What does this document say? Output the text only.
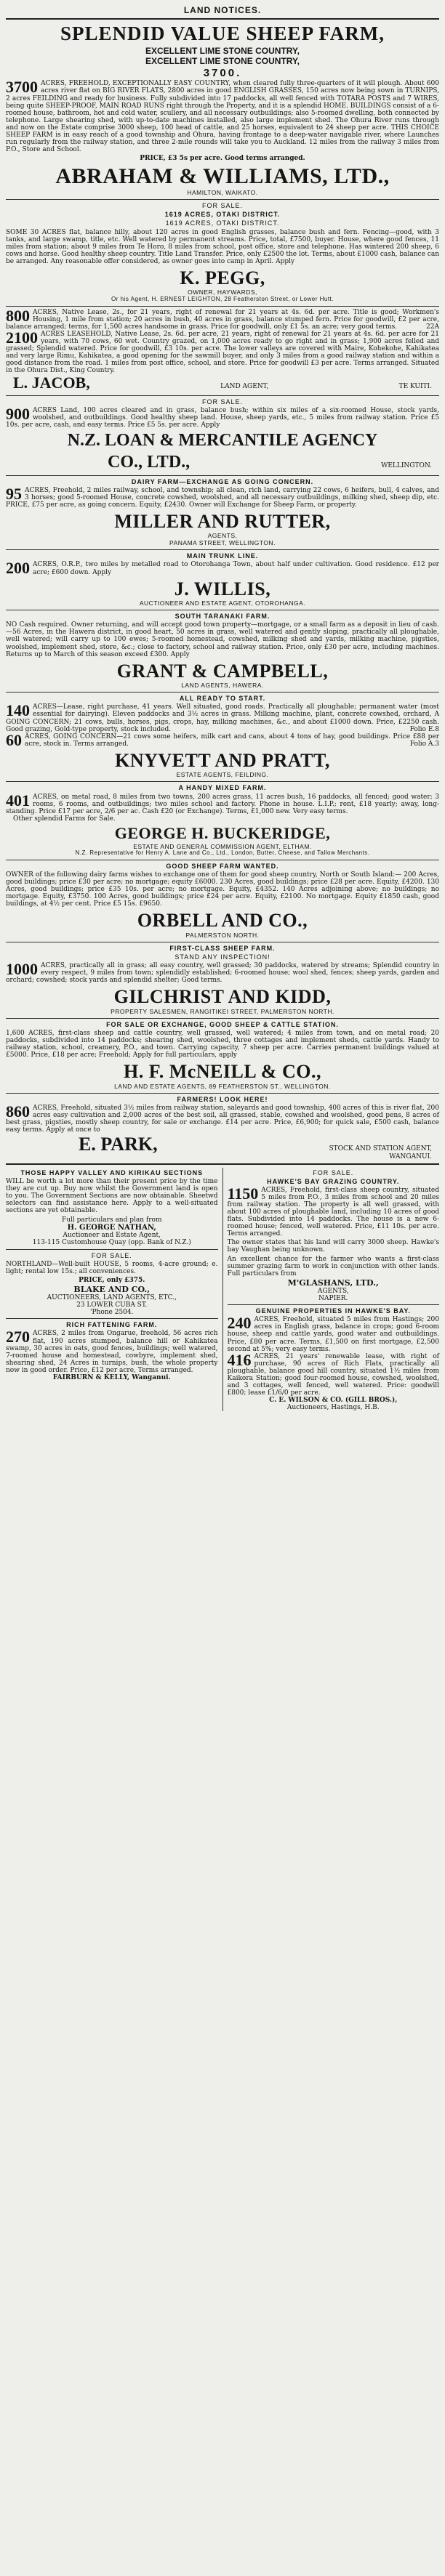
LAND NOTICES.
SPLENDID VALUE SHEEP FARM,
EXCELLENT LIME STONE COUNTRY,
EXCELLENT LIME STONE COUNTRY,
3700.
3700 ACRES, FREEHOLD, EXCEPTIONALLY EASY COUNTRY, when cleared fully three-quarters of it will plough. About 600 acres river flat on BIG RIVER FLATS, 2800 acres in good ENGLISH GRASSES, 150 acres now being sown in TURNIPS, 2 acres FEILDING and ready for business. Fully subdivided into 17 paddocks, all well fenced with TOTARA POSTS and 7 WIRES, being quite SHEEP-PROOF, MAIN ROAD RUNS right through the Property, and it is a splendid HOME. BUILDINGS consist of a 6-roomed house, bathroom, hot and cold water, scullery, and all necessary outbuildings; also 5-roomed dwelling, both connected by telephone. Large shearing shed, with up-to-date machines installed, also large implement shed. The Ohura River runs through and now on the Estate comprise 3000 sheep, 100 head of cattle, and 25 horses, equivalent to 24 sheep per acre. THIS CHOICE SHEEP FARM is in easy reach of a good township and Ohura, having frontage to a deep-water navigable river, where Launches run regularly from the railway station, and three 2-mile rounds will take you to Auckland. 12 miles from the railway 3 miles from P.O., Store and School.
PRICE, £3 5s per acre. Good terms arranged.
ABRAHAM & WILLIAMS, LTD.,
HAMILTON, WAIKATO.
FOR SALE.
1619 ACRES, OTAKI DISTRICT.
1619 ACRES, OTAKI DISTRICT.
SOME 30 ACRES flat, balance hilly, about 120 acres in good English grasses, balance bush and fern. Fencing—good, with 3 tanks, and large swamp, title, etc. Well watered by permanent streams. Price, total, £7500, buyer. House, where good fences, 11 miles from station; about 9 miles from Te Horo, 8 miles from school, post office, store and telephone. Has wintered 200 sheep, 6 cows and horse. Good healthy sheep country. Title Land Transfer. Price, only £2500 the lot. Terms, about £1000 cash, balance can be arranged. Any reasonable offer considered, as owner goes into camp in April. Apply
K. PEGG,
OWNER, HAYWARDS,
Or his Agent, H. ERNEST LEIGHTON, 28 Featherston Street, or Lower Hutt.
800 ACRES, Native Lease, 2s., for 21 years, right of renewal for 21 years at 4s. 6d. per acre. Title is good; Workmen's Housing, 1 mile from station; 20 acres in bush, 40 acres in grass, balance stumped fern. Price for goodwill, £2 per acre, balance arranged; terms, for 1,500 acres handsome in grass. Price for goodwill, only £1 5s. an acre; very good terms.	22A
2100 ACRES LEASEHOLD, Native Lease, 2s. 6d. per acre, 21 years, right of renewal for 21 years at 4s. 6d. per acre for 21 years, with 70 cows, 60 wet. Country grazed, on 1,000 acres ready to go right and in grass; 1,900 acres felled and grassed; Splendid watered. Price for goodwill, £3 10s. per acre. The lower valleys are covered with Maire, Kohekohe, Kahikatea and very large Rimu, Kahikatea, a good opening for the sawmill buyer, and only 3 miles from a good railway station and within a good distance from the road. 1 miles from post office, school, and store. Price for goodwill £3 per acre. Terms arranged. Situated in the Ohura Dist., King Country.
L. JACOB,	LAND AGENT,	TE KUITI.
FOR SALE.
900 ACRES Land, 100 acres cleared and in grass, balance bush; within six miles of a six-roomed House, stock yards, woolshed, and outbuildings. Good healthy sheep land. House, sheep yards, etc., 5 miles from railway station. Price £5 10s. per acre, cash, and easy terms. Price £5 5s. per acre. Apply
N.Z. LOAN & MERCANTILE AGENCY
CO., LTD.,	WELLINGTON.
DAIRY FARM—EXCHANGE AS GOING CONCERN.
95 ACRES, Freehold, 2 miles railway, school, and township; all clean, rich land, carrying 22 cows, 6 heifers, bull, 4 calves, and 3 horses; good 5-roomed House, concrete cowshed, woolshed, and all necessary outbuildings, milking shed, sheep dip, etc. PRICE, £75 per acre, as going concern. Equity, £2430. Owner will Exchange for Sheep Farm, or property.
MILLER AND RUTTER,
AGENTS,
PANAMA STREET, WELLINGTON.
MAIN TRUNK LINE.
200 ACRES, O.R.P., two miles by metalled road to Otorohanga Town, about half under cultivation. Good residence. £12 per acre; £600 down. Apply
J. WILLIS,
AUCTIONEER AND ESTATE AGENT, OTOROHANGA.
SOUTH TARANAKI FARM.
NO Cash required. Owner returning, and will accept good town property—mortgage, or a small farm as a deposit in lieu of cash.—56 Acres, in the Hawera district, in good heart, 50 acres in grass, well watered and gently sloping, practically all ploughable, well watered; will carry up to 100 ewes; 5-roomed homestead, cowshed, milking shed and yards, milking machine, pigsties, woolshed, implement shed, store, &c.; close to factory, school and railway station. Price, only £30 per acre, including machines. Returns up to March of this season exceed £300. Apply
GRANT & CAMPBELL,
LAND AGENTS, HAWERA.
ALL READY TO START.
140 ACRES—Lease, right purchase, 41 years. Well situated, good roads. Practically all ploughable; permanent water (most essential for dairying). Eleven paddocks and 3½ acres in grass. Milking machine, plant, concrete cowshed, orchard, A GOING CONCERN; 21 cows, bulls, horses, pigs, crops, hay, milking machines, &c., and about £1000 down. Price, £2250 cash. Good grazing, Gold-type property, stock included.	Folio E.8
60 ACRES, GOING CONCERN—21 cows some heifers, milk cart and cans, about 4 tons of hay, good buildings. Price £88 per acre, stock in. Terms arranged.	Folio A.3
KNYVETT AND PRATT,
ESTATE AGENTS, FEILDING.
A HANDY MIXED FARM.
401 ACRES, on metal road, 8 miles from two towns, 200 acres grass, 11 acres bush, 16 paddocks, all fenced; good water; 3 rooms, 6 rooms, and outbuildings; two miles school and factory. Phone in house. L.I.P.; rent, £18 yearly; away, long-standing. Price £17 per acre, 2/6 per ac. Cash £20 (or Exchange). Terms, £1,000 new. Very easy terms.
Other splendid Farms for Sale.
GEORGE H. BUCKERIDGE,
ESTATE AND GENERAL COMMISSION AGENT, ELTHAM.
N.Z. Representative for Henry A. Lane and Co., Ltd., London, Butter, Cheese, and Tallow Merchants.
GOOD SHEEP FARM WANTED.
OWNER of the following dairy farms wishes to exchange one of them for good sheep country, North or South Island:— 200 Acres, good buildings; price £30 per acre; no mortgage; equity £6000. 230 Acres, good buildings; price £28 per acre. Equity, £4200. 130 Acres, good buildings; price £35 10s. per acre; no mortgage. Equity, £4352. 140 Acres adjoining above; no buildings; no mortgage. Equity, £3750. 100 Acres, good buildings; price £24 per acre. Equity, £2100. No mortgage. Equity £1850 cash, good buildings, at 4½ per cent. Price £5 15s. £9650.
ORBELL AND CO.,
PALMERSTON NORTH.
FIRST-CLASS SHEEP FARM.
STAND ANY INSPECTION!
1000 ACRES, practically all in grass; all easy country, well grassed; 30 paddocks, watered by streams; Splendid country in every respect, 9 miles from town; splendidly established; 6-roomed house; wool shed, fences; sheep yards, garden and orchard; cowshed; stock yards and splendid shelter; Good terms.
GILCHRIST AND KIDD,
PROPERTY SALESMEN, RANGITIKEI STREET, PALMERSTON NORTH.
FOR SALE OR EXCHANGE, GOOD SHEEP & CATTLE STATION.
1,600 ACRES, first-class sheep and cattle country, well grassed, well watered; 4 miles from town, and on metal road; 20 paddocks, subdivided into 14 paddocks; shearing shed, woolshed, three cottages and implement sheds, cattle yards. Handy to railway station, school, creamery, P.O., and town. Carrying capacity, 7 sheep per acre. Carries permanent buildings valued at £5000. Price, £18 per acre; Freehold; Apply for full particulars, apply
H. F. McNEILL & CO.,
LAND AND ESTATE AGENTS, 89 FEATHERSTON ST., WELLINGTON.
FARMERS! LOOK HERE!
860 ACRES, Freehold, situated 3½ miles from railway station, saleyards and good township, 400 acres of this is river flat, 200 acres easy cultivation and 2,000 acres of the best soil, all grassed, stable, cowshed and woolshed, good pens, 8 acres of best grass, pigsties, mostly sheep country, for sale or exchange. £14 per acre. Price, £6,900; for quick sale, £500 cash, balance easy terms. Apply at once to
E. PARK,	STOCK AND STATION AGENT,
WANGANUI.
THOSE HAPPY VALLEY AND KIRIKAU SECTIONS
WILL be worth a lot more than their present price by the time they are cut up. Buy now whilst the Government land is open to you. The Government Sections are now obtainable. Sheetwd selectors can find assistance here. Apply to a well-situated sections are yet obtainable.
Full particulars and plan from
H. GEORGE NATHAN,
Auctioneer and Estate Agent,
113-115 Customhouse Quay (opp. Bank of N.Z.)
FOR SALE.
NORTHLAND—Well-built HOUSE, 5 rooms, 4-acre ground; e. light; rental low 15s.; all conveniences.
PRICE, only £375.
BLAKE AND CO.,
AUCTIONEERS, LAND AGENTS, ETC.,
23 LOWER CUBA ST.
'Phone 2504.
RICH FATTENING FARM.
270 ACRES, 2 miles from Ongarue, freehold, 56 acres rich flat, 190 acres stumped, balance hill or Kahikatea swamp, 30 acres in oats, good fences, buildings; well watered, 7-roomed house and homestead, cowbyre, implement shed, shearing shed, 24 Acres in turnips, bush, the whole property now in good order. Price, £12 per acre, Terms arranged.
FAIRBURN & KELLY, Wanganui.
FOR SALE.
HAWKE'S BAY GRAZING COUNTRY.
1150 ACRES, Freehold, first-class sheep country, situated 5 miles from P.O., 3 miles from school and 20 miles from railway station. The property is all well grassed, with about 100 acres of ploughable land, including 10 acres of good flats. Subdivided into 14 paddocks. The house is a new 6-roomed house; fenced, well watered. Price, £11 10s. per acre. Terms arranged.
The owner states that his land will carry 3000 sheep. Hawke's bay Vaughan being unknown.
An excellent chance for the farmer who wants a first-class summer grazing farm to work in conjunction with other lands. Full particulars from
M'GLASHANS, LTD.,
AGENTS,
NAPIER.
GENUINE PROPERTIES IN HAWKE'S BAY.
240 ACRES, Freehold, situated 5 miles from Hastings; 200 acres in English grass, balance in crops; good 6-room house, sheep and cattle yards, good water and outbuildings. Price, £80 per acre. Terms, £1,500 on first mortgage, £2,500 second at 5%; very easy terms.
416 ACRES, 21 years' renewable lease, with right of purchase, 90 acres of Rich Flats, practically all ploughable, balance good hill country, situated 1½ miles from Kaikora Station; good four-roomed house, cowshed, woolshed, and 3 cottages, well fenced, well watered. Price: goodwill £800; lease £1/6/0 per acre.
C. E. WILSON & CO. (GILL BROS.),
Auctioneers, Hastings, H.B.
